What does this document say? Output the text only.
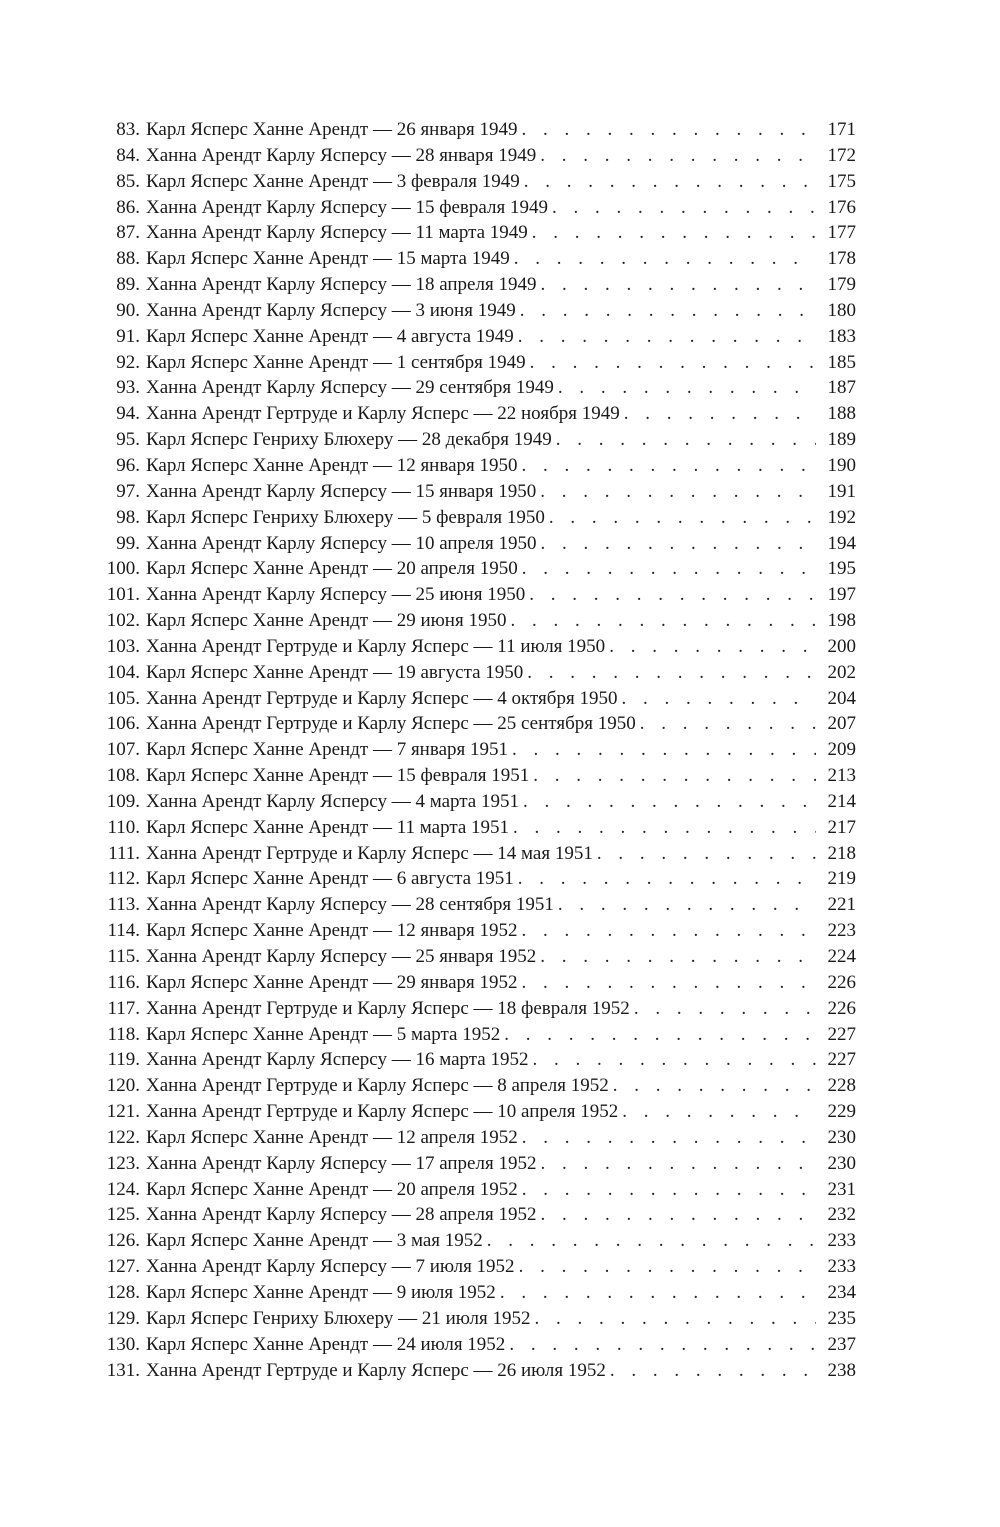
83. Карл Ясперс Ханне Арендт — 26 января 1949 . . .	171
84. Ханна Арендт Карлу Ясперсу — 28 января 1949 . . .	172
85. Карл Ясперс Ханне Арендт — 3 февраля 1949 . . .	175
86. Ханна Арендт Карлу Ясперсу — 15 февраля 1949 . . .	176
87. Ханна Арендт Карлу Ясперсу — 11 марта 1949 . . .	177
88. Карл Ясперс Ханне Арендт — 15 марта 1949 . . .	178
89. Ханна Арендт Карлу Ясперсу — 18 апреля 1949 . . .	179
90. Ханна Арендт Карлу Ясперсу — 3 июня 1949 . . .	180
91. Карл Ясперс Ханне Арендт — 4 августа 1949 . . .	183
92. Карл Ясперс Ханне Арендт — 1 сентября 1949 . . .	185
93. Ханна Арендт Карлу Ясперсу — 29 сентября 1949 . . .	187
94. Ханна Арендт Гертруде и Карлу Ясперс — 22 ноября 1949 . . .	188
95. Карл Ясперс Генриху Блюхеру — 28 декабря 1949 . . .	189
96. Карл Ясперс Ханне Арендт — 12 января 1950 . . .	190
97. Ханна Арендт Карлу Ясперсу — 15 января 1950 . . .	191
98. Карл Ясперс Генриху Блюхеру — 5 февраля 1950 . . .	192
99. Ханна Арендт Карлу Ясперсу — 10 апреля 1950 . . .	194
100. Карл Ясперс Ханне Арендт — 20 апреля 1950 . . .	195
101. Ханна Арендт Карлу Ясперсу — 25 июня 1950 . . .	197
102. Карл Ясперс Ханне Арендт — 29 июня 1950 . . .	198
103. Ханна Арендт Гертруде и Карлу Ясперс — 11 июля 1950 . . .	200
104. Карл Ясперс Ханне Арендт — 19 августа 1950 . . .	202
105. Ханна Арендт Гертруде и Карлу Ясперс — 4 октября 1950 . . .	204
106. Ханна Арендт Гертруде и Карлу Ясперс — 25 сентября 1950 . . .	207
107. Карл Ясперс Ханне Арендт — 7 января 1951 . . .	209
108. Карл Ясперс Ханне Арендт — 15 февраля 1951 . . .	213
109. Ханна Арендт Карлу Ясперсу — 4 марта 1951 . . .	214
110. Карл Ясперс Ханне Арендт — 11 марта 1951 . . .	217
111. Ханна Арендт Гертруде и Карлу Ясперс — 14 мая 1951 . . .	218
112. Карл Ясперс Ханне Арендт — 6 августа 1951 . . .	219
113. Ханна Арендт Карлу Ясперсу — 28 сентября 1951 . . .	221
114. Карл Ясперс Ханне Арендт — 12 января 1952 . . .	223
115. Ханна Арендт Карлу Ясперсу — 25 января 1952 . . .	224
116. Карл Ясперс Ханне Арендт — 29 января 1952 . . .	226
117. Ханна Арендт Гертруде и Карлу Ясперс — 18 февраля 1952 . . .	226
118. Карл Ясперс Ханне Арендт — 5 марта 1952 . . .	227
119. Ханна Арендт Карлу Ясперсу — 16 марта 1952 . . .	227
120. Ханна Арендт Гертруде и Карлу Ясперс — 8 апреля 1952 . . .	228
121. Ханна Арендт Гертруде и Карлу Ясперс — 10 апреля 1952 . . .	229
122. Карл Ясперс Ханне Арендт — 12 апреля 1952 . . .	230
123. Ханна Арендт Карлу Ясперсу — 17 апреля 1952 . . .	230
124. Карл Ясперс Ханне Арендт — 20 апреля 1952 . . .	231
125. Ханна Арендт Карлу Ясперсу — 28 апреля 1952 . . .	232
126. Карл Ясперс Ханне Арендт — 3 мая 1952 . . .	233
127. Ханна Арендт Карлу Ясперсу — 7 июля 1952 . . .	233
128. Карл Ясперс Ханне Арендт — 9 июля 1952 . . .	234
129. Карл Ясперс Генриху Блюхеру — 21 июля 1952 . . .	235
130. Карл Ясперс Ханне Арендт — 24 июля 1952 . . .	237
131. Ханна Арендт Гертруде и Карлу Ясперс — 26 июля 1952 . . .	238
